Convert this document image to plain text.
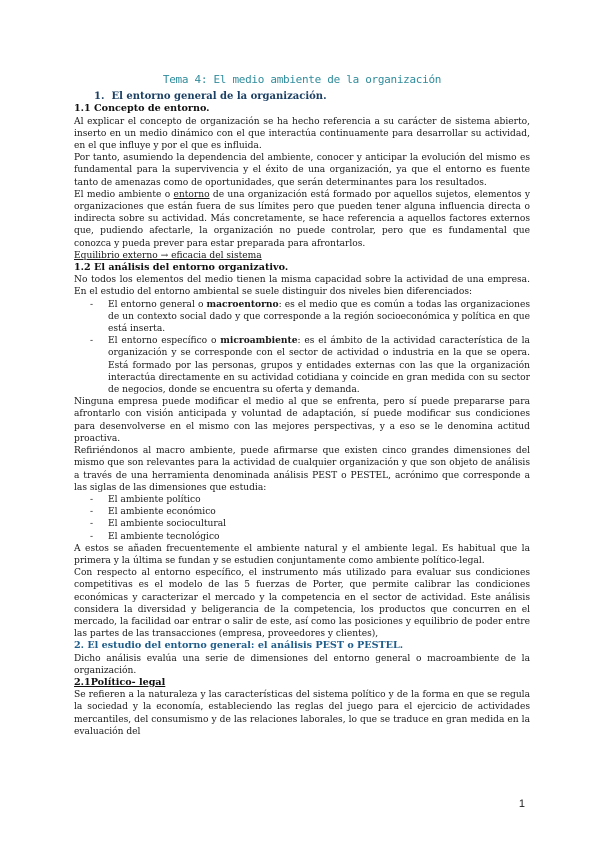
Tema 4: El medio ambiente de la organización
1. El entorno general de la organización.
1.1 Concepto de entorno.

Al explicar el concepto de organización se ha hecho referencia a su carácter de sistema abierto, inserto en un medio dinámico con el que interactúa continuamente para desarrollar su actividad, en el que influye y por el que es influida.

Por tanto, asumiendo la dependencia del ambiente, conocer y anticipar la evolución del mismo es fundamental para la supervivencia y el éxito de una organización, ya que el entorno es fuente tanto de amenazas como de oportunidades, que serán determinantes para los resultados.

El medio ambiente o entorno de una organización está formado por aquellos sujetos, elementos y organizaciones que están fuera de sus límites pero que pueden tener alguna influencia directa o indirecta sobre su actividad. Más concretamente, se hace referencia a aquellos factores externos que, pudiendo afectarle, la organización no puede controlar, pero que es fundamental que conozca y pueda prever para estar preparada para afrontarlos.

Equilibrio externo → eficacia del sistema

1.2 El análisis del entorno organizativo.

No todos los elementos del medio tienen la misma capacidad sobre la actividad de una empresa. En el estudio del entorno ambiental se suele distinguir dos niveles bien diferenciados:

- El entorno general o macroentorno: es el medio que es común a todas las organizaciones de un contexto social dado y que corresponde a la región socioeconómica y política en que está inserta.
- El entorno específico o microambiente: es el ámbito de la actividad característica de la organización y se corresponde con el sector de actividad o industria en la que se opera. Está formado por las personas, grupos y entidades externas con las que la organización interactúa directamente en su actividad cotidiana y coincide en gran medida con su sector de negocios, donde se encuentra su oferta y demanda.

Ninguna empresa puede modificar el medio al que se enfrenta, pero sí puede prepararse para afrontarlo con visión anticipada y voluntad de adaptación, sí puede modificar sus condiciones para desenvolverse en el mismo con las mejores perspectivas, y a eso se le denomina actitud proactiva.

Refiriéndonos al macro ambiente, puede afirmarse que existen cinco grandes dimensiones del mismo que son relevantes para la actividad de cualquier organización y que son objeto de análisis a través de una herramienta denominada análisis PEST o PESTEL, acrónimo que corresponde a las siglas de las dimensiones que estudia:

- El ambiente político
- El ambiente económico
- El ambiente sociocultural
- El ambiente tecnológico

A estos se añaden frecuentemente el ambiente natural y el ambiente legal. Es habitual que la primera y la última se fundan y se estudien conjuntamente como ambiente político-legal.

Con respecto al entorno específico, el instrumento más utilizado para evaluar sus condiciones competitivas es el modelo de las 5 fuerzas de Porter, que permite calibrar las condiciones económicas y caracterizar el mercado y la competencia en el sector de actividad. Este análisis considera la diversidad y beligerancia de la competencia, los productos que concurren en el mercado, la facilidad oar entrar o salir de este, así como las posiciones y equilibrio de poder entre las partes de las transacciones (empresa, proveedores y clientes),

2. El estudio del entorno general: el análisis PEST o PESTEL.

Dicho análisis evalúa una serie de dimensiones del entorno general o macroambiente de la organización.

2.1Político- legal

Se refieren a la naturaleza y las características del sistema político y de la forma en que se regula la sociedad y la economía, estableciendo las reglas del juego para el ejercicio de actividades mercantiles, del consumismo y de las relaciones laborales, lo que se traduce en gran medida en la evaluación del

1
